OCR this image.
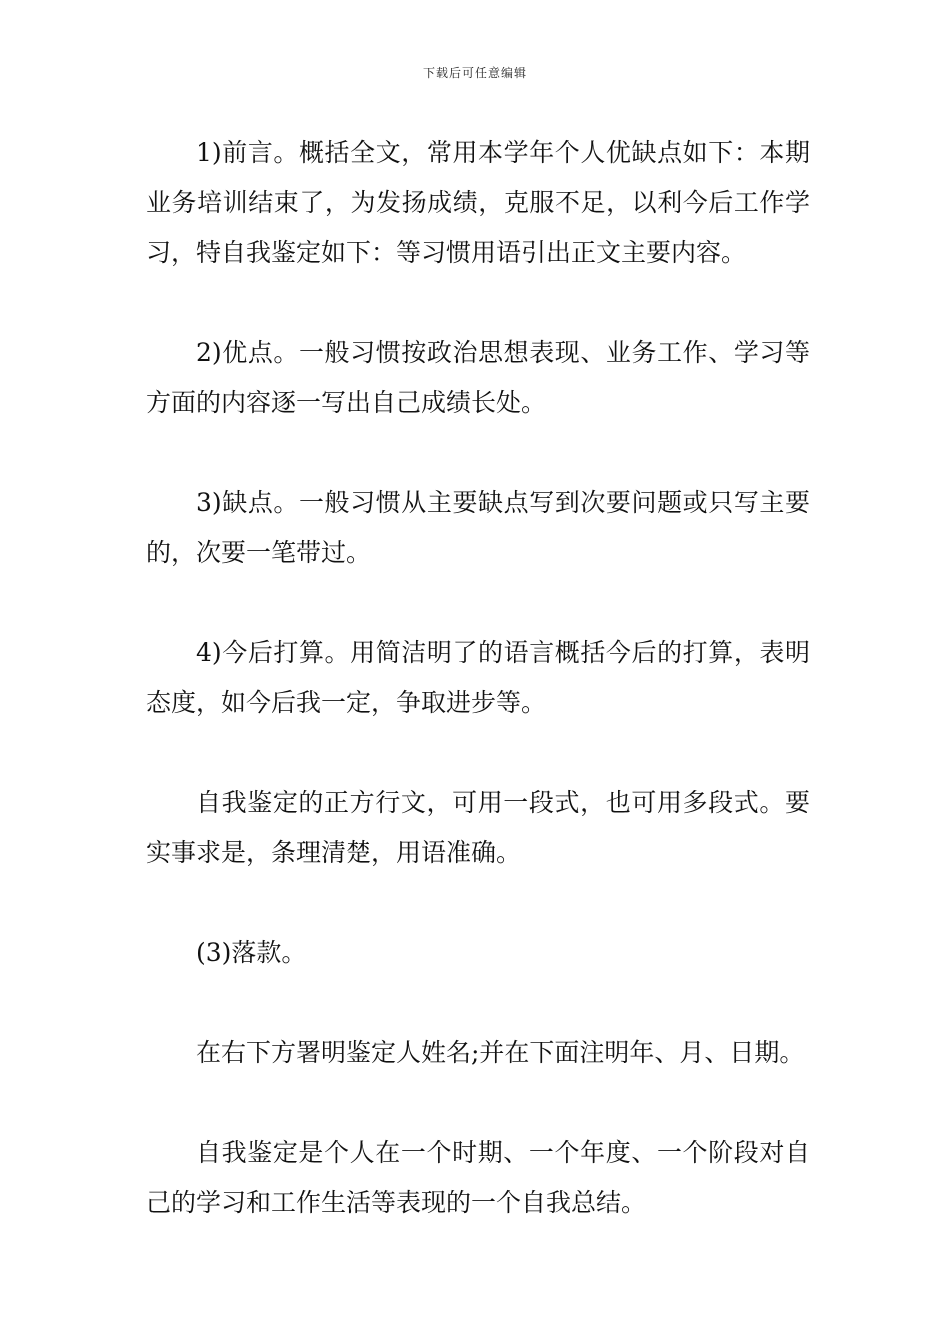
下载后可任意编辑

1)前言。概括全文，常用本学年个人优缺点如下：本期业务培训结束了，为发扬成绩，克服不足，以利今后工作学习，特自我鉴定如下：等习惯用语引出正文主要内容。

2)优点。一般习惯按政治思想表现、业务工作、学习等方面的内容逐一写出自己成绩长处。

3)缺点。一般习惯从主要缺点写到次要问题或只写主要的，次要一笔带过。

4)今后打算。用简洁明了的语言概括今后的打算，表明态度，如今后我一定，争取进步等。

自我鉴定的正方行文，可用一段式，也可用多段式。要实事求是，条理清楚，用语准确。

(3)落款。

在右下方署明鉴定人姓名;并在下面注明年、月、日期。

自我鉴定是个人在一个时期、一个年度、一个阶段对自己的学习和工作生活等表现的一个自我总结。
